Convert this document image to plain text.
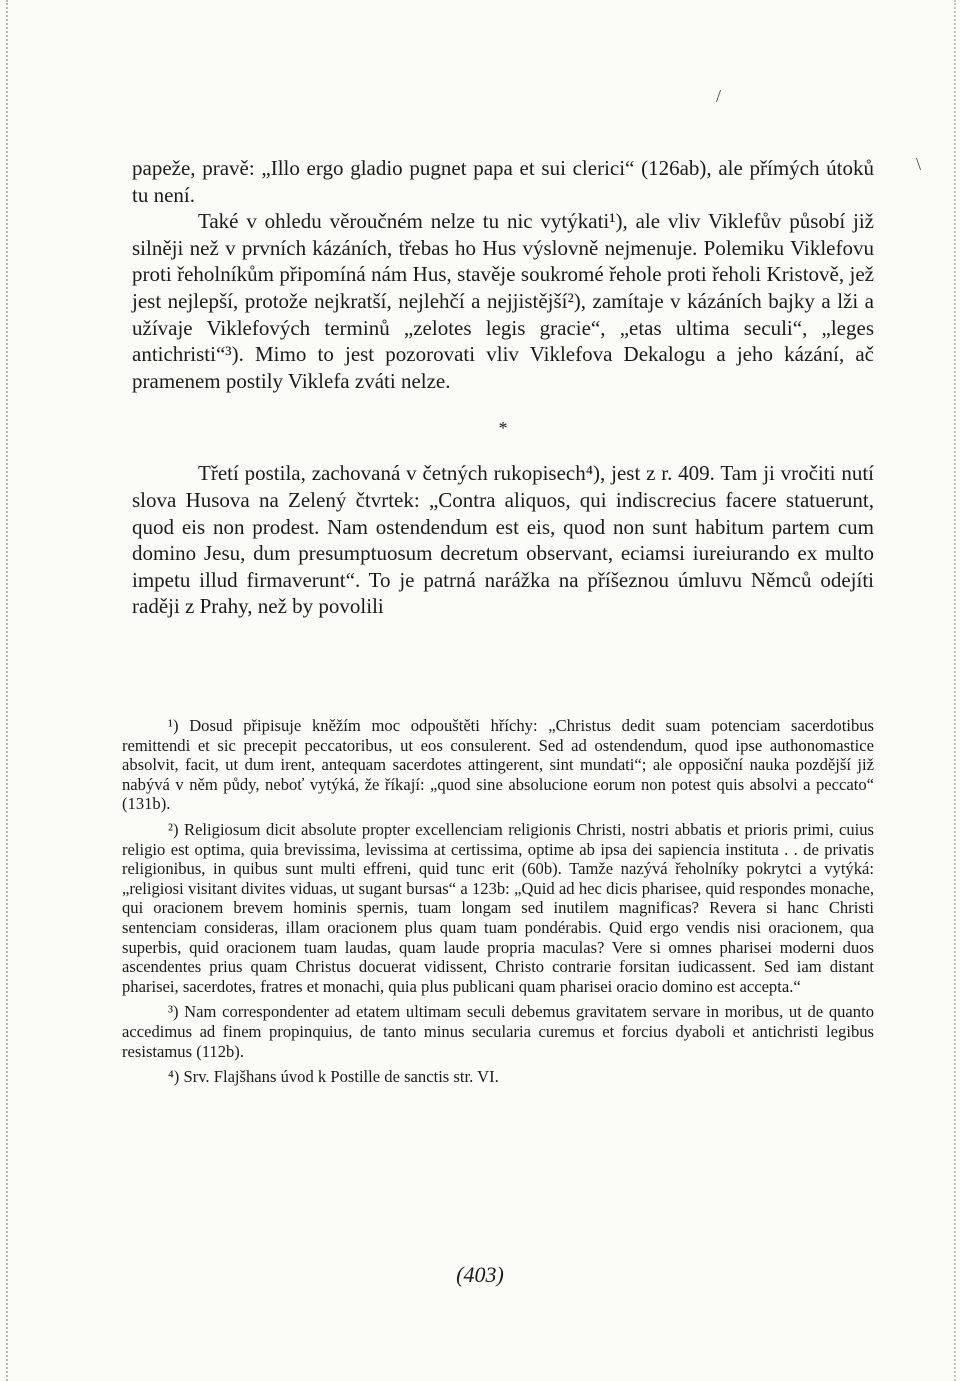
/
\

papeže, pravě: „Illo ergo gladio pugnet papa et sui clerici“ (126ab), ale přímých útoků tu není.

Také v ohledu věroučném nelze tu nic vytýkati¹), ale vliv Viklefův působí již silněji než v prvních kázáních, třebas ho Hus výslovně nejmenuje. Polemiku Viklefovu proti řeholníkům připomíná nám Hus, stavěje soukromé řehole proti řeholi Kristově, jež jest nejlepší, protože nejkratší, nejlehčí a nejjistější²), zamítaje v kázáních bajky a lži a užívaje Viklefových terminů „zelotes legis gracie“, „etas ultima seculi“, „leges antichristi“³). Mimo to jest pozorovati vliv Viklefova Dekalogu a jeho kázání, ač pramenem postily Viklefa zváti nelze.

*

Třetí postila, zachovaná v četných rukopisech⁴), jest z r. 409. Tam ji vročiti nutí slova Husova na Zelený čtvrtek: „Contra aliquos, qui indiscrecius facere statuerunt, quod eis non prodest. Nam ostendendum est eis, quod non sunt habitum partem cum domino Jesu, dum presumptuosum decretum observant, eciamsi iureiurando ex multo impetu illud firmaverunt“. To je patrná narážka na příšeznou úmluvu Němců odejíti raději z Prahy, než by povolili

¹) Dosud připisuje kněžím moc odpouštěti hříchy: „Christus dedit suam potenciam sacerdotibus remittendi et sic precepit peccatoribus, ut eos consulerent. Sed ad ostendendum, quod ipse authonomastice absolvit, facit, ut dum irent, antequam sacerdotes attingerent, sint mundati“; ale opposiční nauka pozdější již nabývá v něm půdy, neboť vytýká, že říkají: „quod sine absolucione eorum non potest quis absolvi a peccato“ (131b).

²) Religiosum dicit absolute propter excellenciam religionis Christi, nostri abbatis et prioris primi, cuius religio est optima, quia brevissima, levissima at certissima, optime ab ipsa dei sapiencia instituta . . de privatis religionibus, in quibus sunt multi effreni, quid tunc erit (60b). Tamže nazývá řeholníky pokrytci a vytýká: „religiosi visitant divites viduas, ut sugant bursas“ a 123b: „Quid ad hec dicis pharisee, quid respondes monache, qui oracionem brevem hominis spernis, tuam longam sed inutilem magnificas? Revera si hanc Christi sentenciam consideras, illam oracionem plus quam tuam pondérabis. Quid ergo vendis nisi oracionem, qua superbis, quid oracionem tuam laudas, quam laude propria maculas? Vere si omnes pharisei moderni duos ascendentes prius quam Christus docuerat vidissent, Christo contrarie forsitan iudicassent. Sed iam distant pharisei, sacerdotes, fratres et monachi, quia plus publicani quam pharisei oracio domino est accepta.“

³) Nam correspondenter ad etatem ultimam seculi debemus gravitatem servare in moribus, ut de quanto accedimus ad finem propinquius, de tanto minus secularia curemus et forcius dyaboli et antichristi legibus resistamus (112b).

⁴) Srv. Flajšhans úvod k Postille de sanctis str. VI.

(403)
